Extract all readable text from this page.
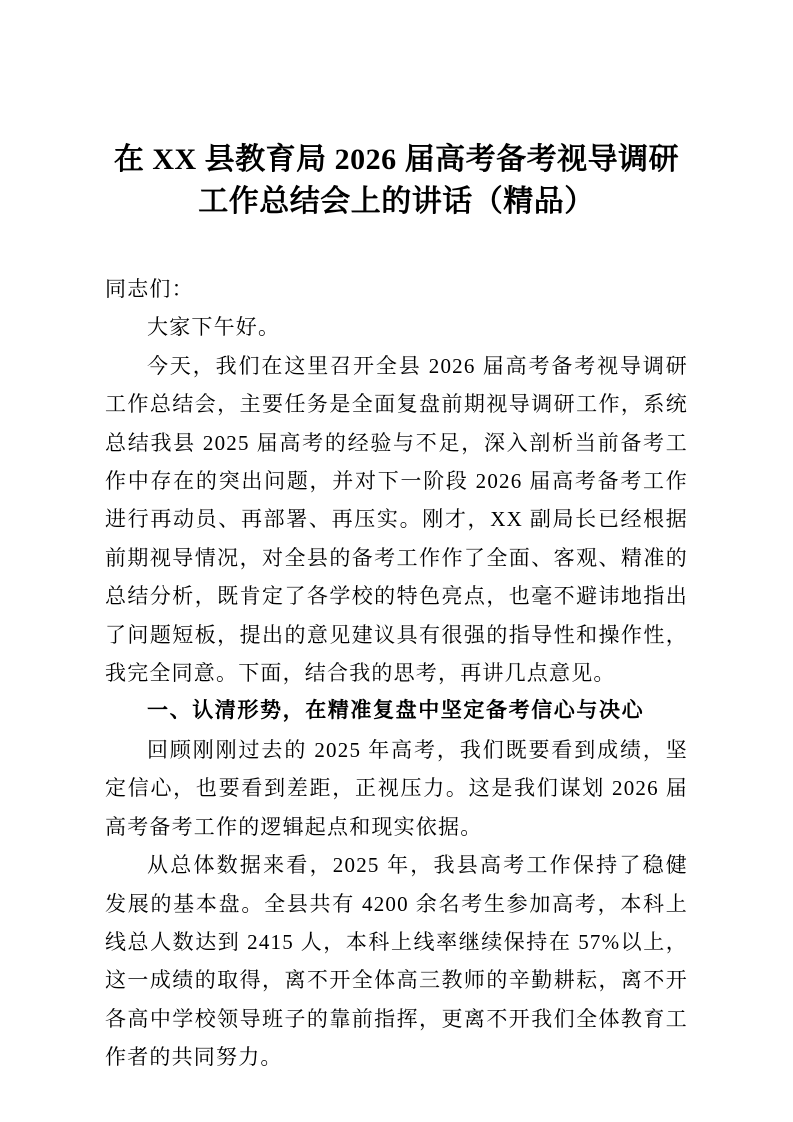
在 XX 县教育局 2026 届高考备考视导调研工作总结会上的讲话（精品）

同志们：

大家下午好。

今天，我们在这里召开全县 2026 届高考备考视导调研工作总结会，主要任务是全面复盘前期视导调研工作，系统总结我县 2025 届高考的经验与不足，深入剖析当前备考工作中存在的突出问题，并对下一阶段 2026 届高考备考工作进行再动员、再部署、再压实。刚才，XX 副局长已经根据前期视导情况，对全县的备考工作作了全面、客观、精准的总结分析，既肯定了各学校的特色亮点，也毫不避讳地指出了问题短板，提出的意见建议具有很强的指导性和操作性，我完全同意。下面，结合我的思考，再讲几点意见。

一、认清形势，在精准复盘中坚定备考信心与决心

回顾刚刚过去的 2025 年高考，我们既要看到成绩，坚定信心，也要看到差距，正视压力。这是我们谋划 2026 届高考备考工作的逻辑起点和现实依据。

从总体数据来看，2025 年，我县高考工作保持了稳健发展的基本盘。全县共有 4200 余名考生参加高考，本科上线总人数达到 2415 人，本科上线率继续保持在 57%以上，这一成绩的取得，离不开全体高三教师的辛勤耕耘，离不开各高中学校领导班子的靠前指挥，更离不开我们全体教育工作者的共同努力。
